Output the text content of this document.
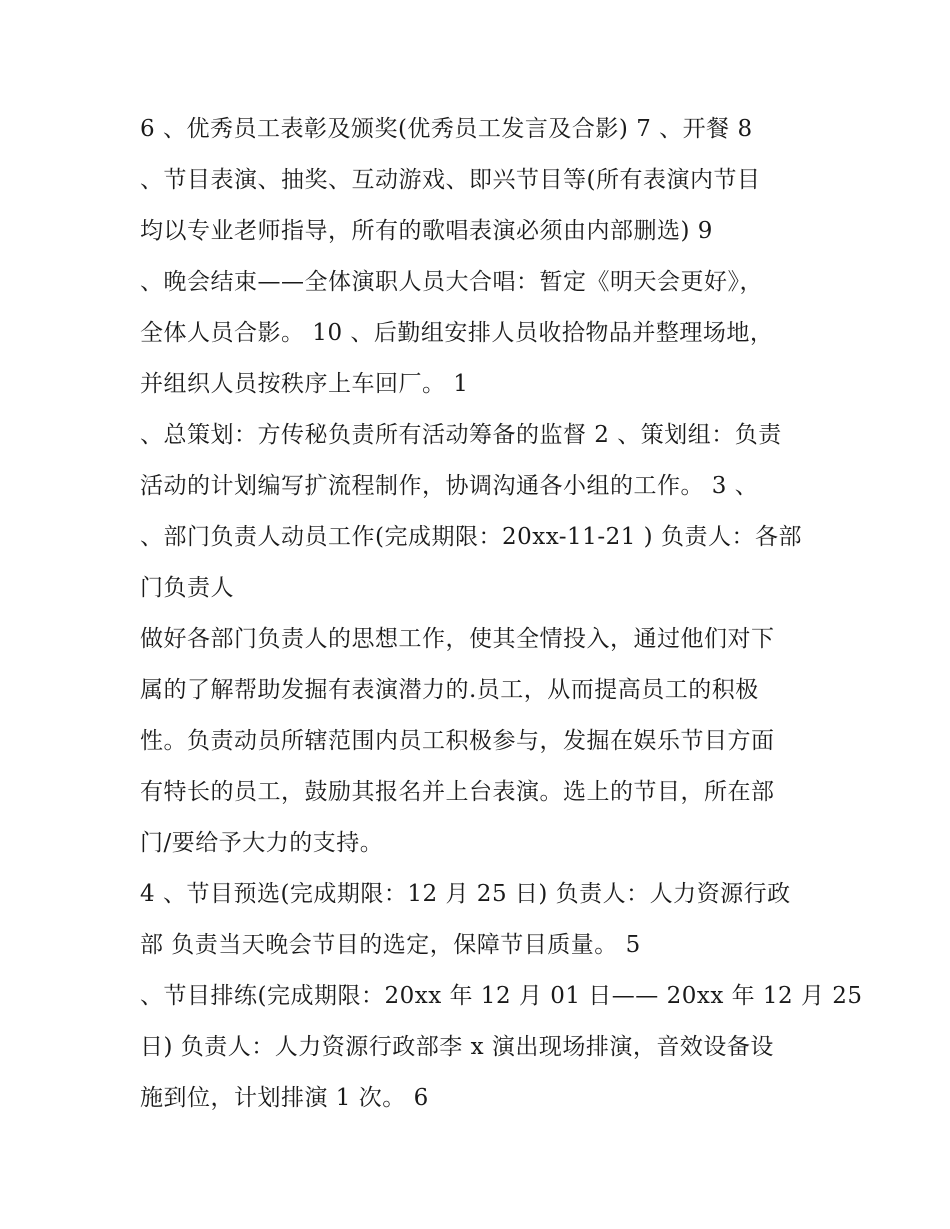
6 、优秀员工表彰及颁奖(优秀员工发言及合影) 7 、开餐 8
、节目表演、抽奖、互动游戏、即兴节目等(所有表演内节目
均以专业老师指导，所有的歌唱表演必须由内部删选) 9
、晚会结束——全体演职人员大合唱：暂定《明天会更好》，
全体人员合影。 10 、后勤组安排人员收拾物品并整理场地，
并组织人员按秩序上车回厂。 1
、总策划：方传秘负责所有活动筹备的监督 2 、策划组：负责
活动的计划编写扩流程制作，协调沟通各小组的工作。 3 、
、部门负责人动员工作(完成期限：20xx-11-21 ) 负责人：各部
门负责人
做好各部门负责人的思想工作，使其全情投入，通过他们对下
属的了解帮助发掘有表演潜力的.员工，从而提高员工的积极
性。负责动员所辖范围内员工积极参与，发掘在娱乐节目方面
有特长的员工，鼓励其报名并上台表演。选上的节目，所在部
门/要给予大力的支持。
4 、节目预选(完成期限：12 月 25 日) 负责人：人力资源行政
部 负责当天晚会节目的选定，保障节目质量。 5
、节目排练(完成期限：20xx 年 12 月 01 日—— 20xx 年 12 月 25
日) 负责人：人力资源行政部李 x 演出现场排演，音效设备设
施到位，计划排演 1 次。 6
